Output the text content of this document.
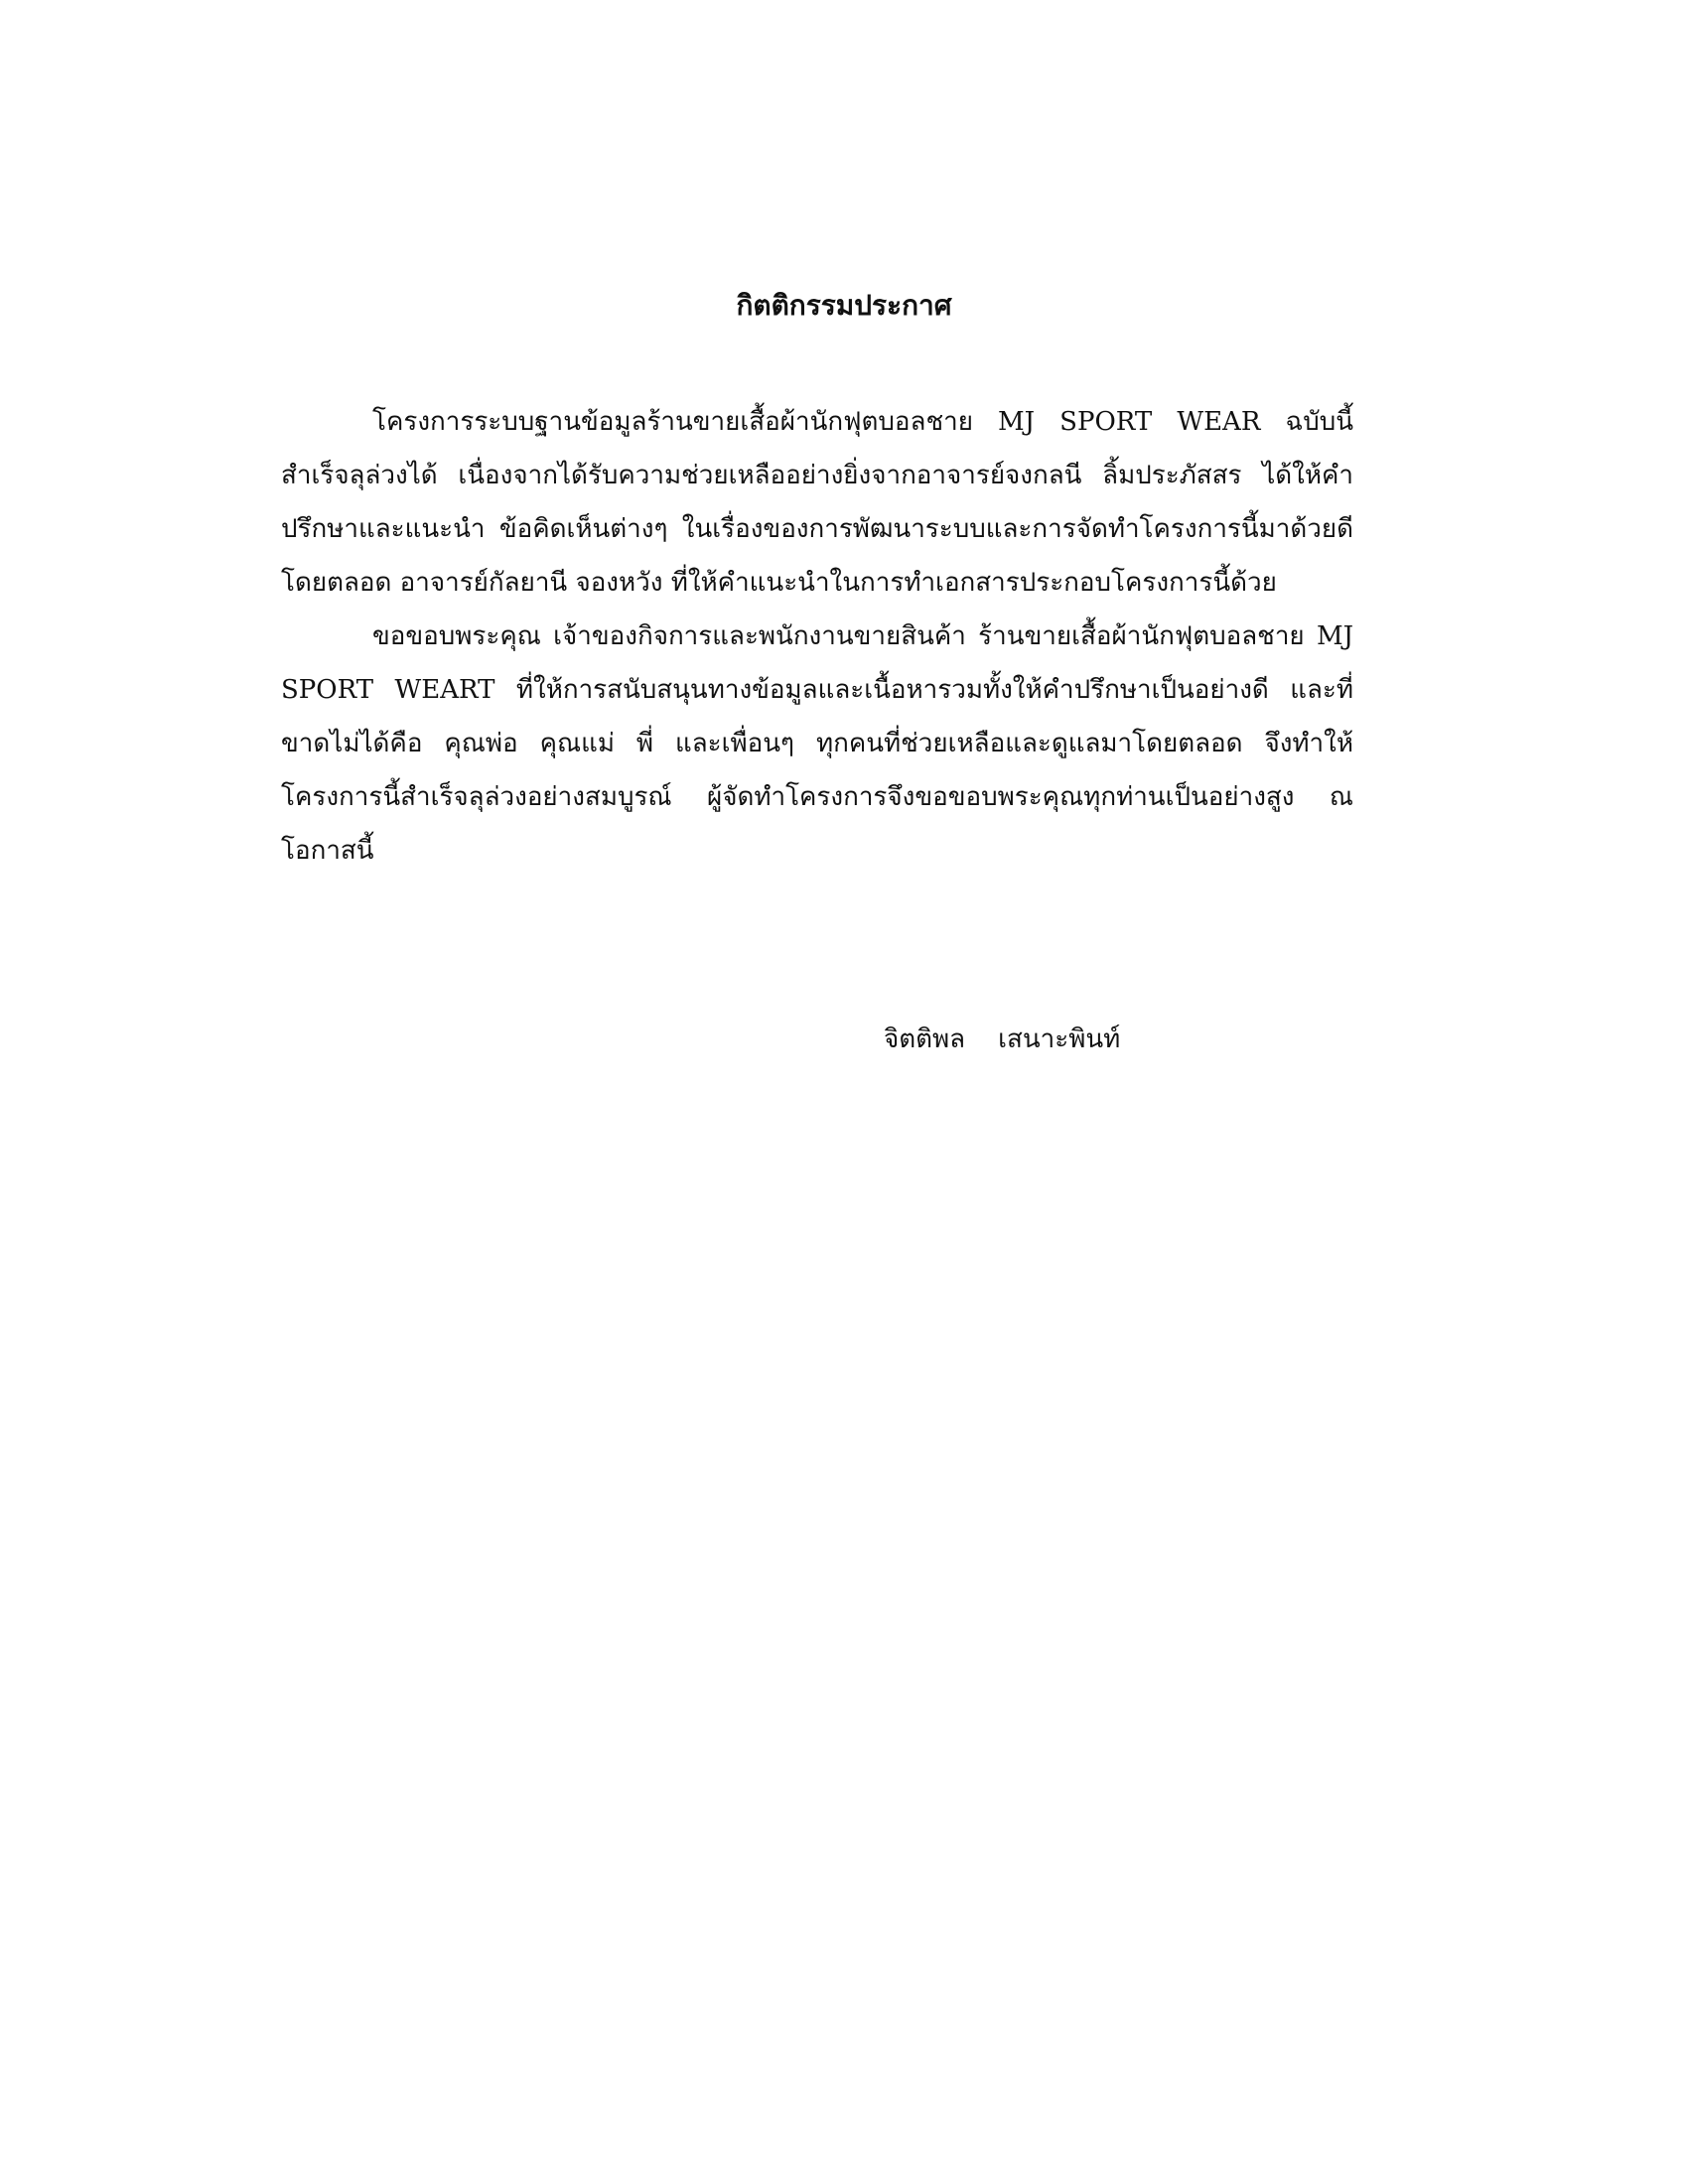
กิตติกรรมประกาศ

โครงการระบบฐานข้อมูลร้านขายเสื้อผ้านักฟุตบอลชาย MJ SPORT WEAR ฉบับนี้สำเร็จลุล่วงได้ เนื่องจากได้รับความช่วยเหลืออย่างยิ่งจากอาจารย์จงกลนี ลิ้มประภัสสร ได้ให้คำปรึกษาและแนะนำ ข้อคิดเห็นต่างๆ ในเรื่องของการพัฒนาระบบและการจัดทำโครงการนี้มาด้วยดีโดยตลอด อาจารย์กัลยานี จองหวัง ที่ให้คำแนะนำในการทำเอกสารประกอบโครงการนี้ด้วย

ขอขอบพระคุณ เจ้าของกิจการและพนักงานขายสินค้า ร้านขายเสื้อผ้านักฟุตบอลชาย MJ SPORT WEART ที่ให้การสนับสนุนทางข้อมูลและเนื้อหารวมทั้งให้คำปรึกษาเป็นอย่างดี และที่ขาดไม่ได้คือ คุณพ่อ คุณแม่ พี่ และเพื่อนๆ ทุกคนที่ช่วยเหลือและดูแลมาโดยตลอด จึงทำให้โครงการนี้สำเร็จลุล่วงอย่างสมบูรณ์ ผู้จัดทำโครงการจึงขอขอบพระคุณทุกท่านเป็นอย่างสูง ณ โอกาสนี้

จิตติพล    เสนาะพินท์
